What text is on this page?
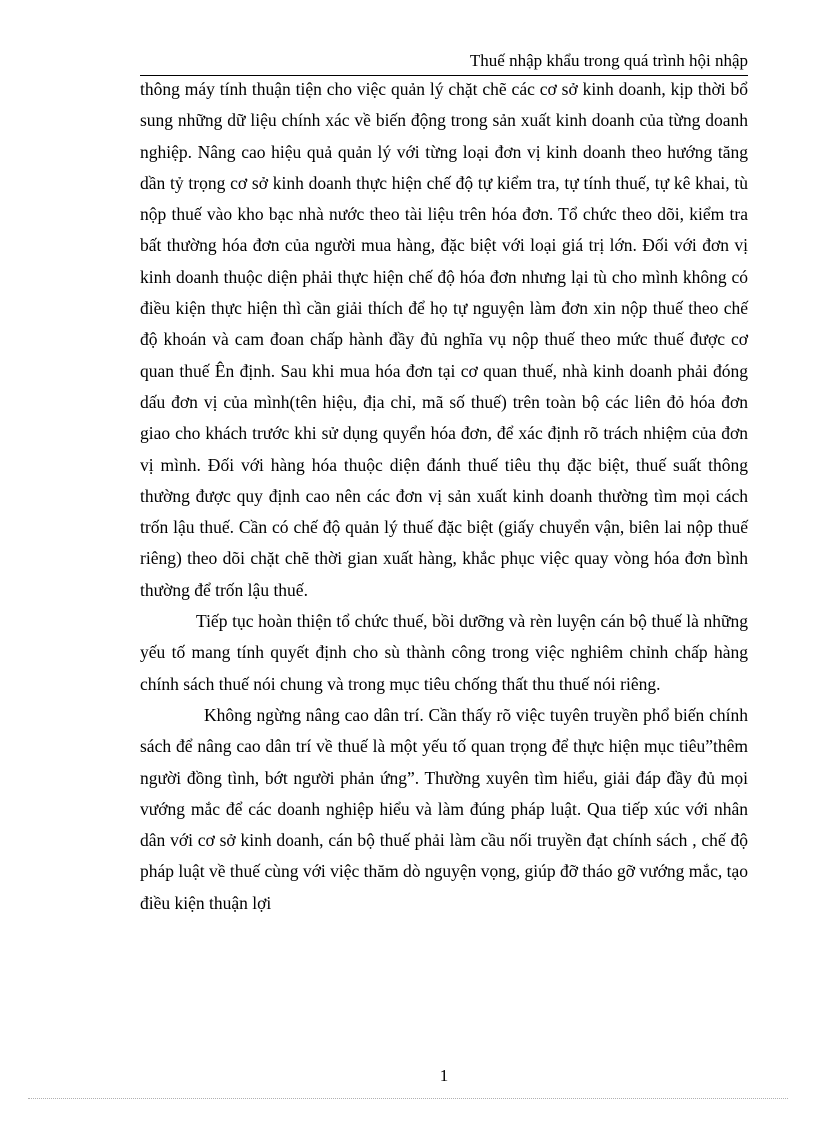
Thuế nhập khẩu trong quá trình hội nhập

thông máy tính thuận tiện cho việc quản lý chặt chẽ các cơ sở kinh doanh, kịp thời bổ sung những dữ liệu chính xác về biến động trong sản xuất kinh doanh của từng doanh nghiệp. Nâng cao hiệu quả quản lý với từng loại đơn vị kinh doanh theo hướng tăng dần tỷ trọng cơ sở kinh doanh thực hiện chế độ tự kiểm tra, tự tính thuế, tự kê khai, tù nộp thuế vào kho bạc nhà nước theo tài liệu trên hóa đơn. Tổ chức theo dõi, kiểm tra bất thường hóa đơn của người mua hàng, đặc biệt với loại giá trị lớn. Đối với đơn vị kinh doanh thuộc diện phải thực hiện chế độ hóa đơn nhưng lại tù cho mình không có điều kiện thực hiện thì cần giải thích để họ tự nguyện làm đơn xin nộp thuế theo chế độ khoán và cam đoan chấp hành đầy đủ nghĩa vụ nộp thuế theo mức thuế được cơ quan thuế Ên định. Sau khi mua hóa đơn tại cơ quan thuế, nhà kinh doanh phải đóng dấu đơn vị của mình(tên hiệu, địa chỉ, mã số thuế) trên toàn bộ các liên đỏ hóa đơn giao cho khách trước khi sử dụng quyển hóa đơn, để xác định rõ trách nhiệm của đơn vị mình. Đối với hàng hóa thuộc diện đánh thuế tiêu thụ đặc biệt, thuế suất thông thường được quy định cao nên các đơn vị sản xuất kinh doanh thường tìm mọi cách trốn lậu thuế. Cần có chế độ quản lý thuế đặc biệt (giấy chuyển vận, biên lai nộp thuế riêng) theo dõi chặt chẽ thời gian xuất hàng, khắc phục việc quay vòng hóa đơn bình thường để trốn lậu thuế.

Tiếp tục hoàn thiện tổ chức thuế, bồi dưỡng và rèn luyện cán bộ thuế là những yếu tố mang tính quyết định cho sù thành công trong việc nghiêm chỉnh chấp hàng chính sách thuế nói chung và trong mục tiêu chống thất thu thuế nói riêng.

Không ngừng nâng cao dân trí. Cần thấy rõ việc tuyên truyền phổ biến chính sách để nâng cao dân trí về thuế là một yếu tố quan trọng để thực hiện mục tiêu”thêm người đồng tình, bớt người phản ứng”. Thường xuyên tìm hiểu, giải đáp đầy đủ mọi vướng mắc để các doanh nghiệp hiểu và làm đúng pháp luật. Qua tiếp xúc với nhân dân với cơ sở kinh doanh, cán bộ thuế phải làm cầu nối truyền đạt chính sách , chế độ pháp luật về thuế cùng với việc thăm dò nguyện vọng, giúp đỡ tháo gỡ vướng mắc, tạo điều kiện thuận lợi

1
